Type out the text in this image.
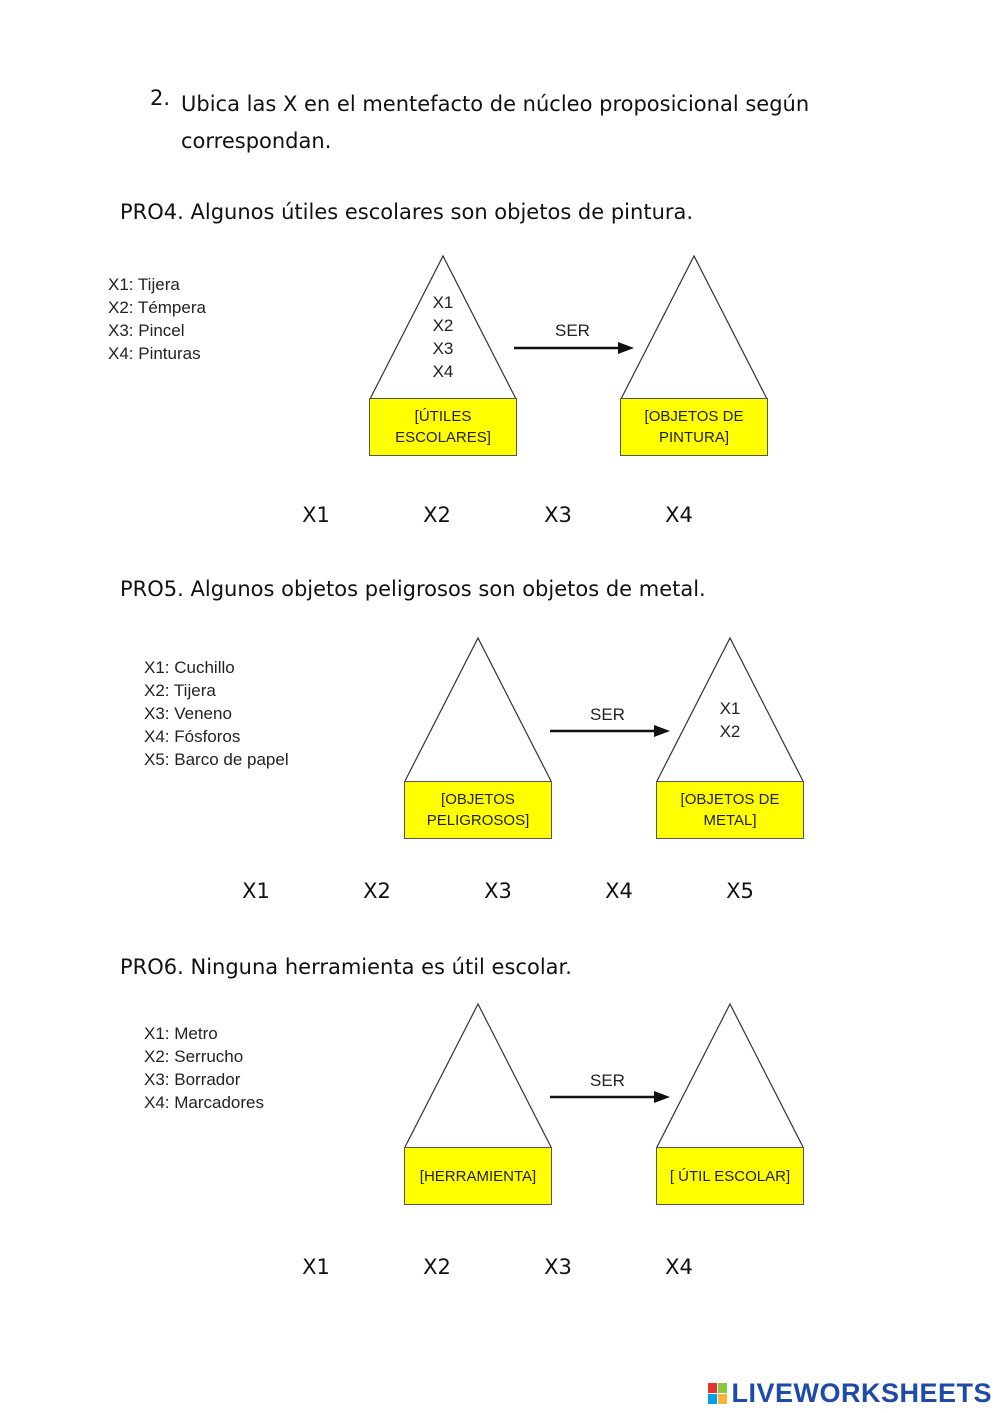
2. Ubica las X en el mentefacto de núcleo proposicional según correspondan.
PRO4. Algunos útiles escolares son objetos de pintura.
X1: Tijera
X2: Témpera
X3: Pincel
X4: Pinturas
X1
X2
X3
X4
[ÚTILES ESCOLARES]
SER
[OBJETOS DE PINTURA]
X1	X2	X3	X4
PRO5. Algunos objetos peligrosos son objetos de metal.
X1: Cuchillo
X2: Tijera
X3: Veneno
X4: Fósforos
X5: Barco de papel
[OBJETOS PELIGROSOS]
SER	X1
X2
[OBJETOS DE METAL]
X1	X2	X3	X4	X5
PRO6. Ninguna herramienta es útil escolar.
X1: Metro
X2: Serrucho
X3: Borrador
X4: Marcadores
[HERRAMIENTA]
SER
[ ÚTIL ESCOLAR]
X1	X2	X3	X4
LIVEWORKSHEETS
